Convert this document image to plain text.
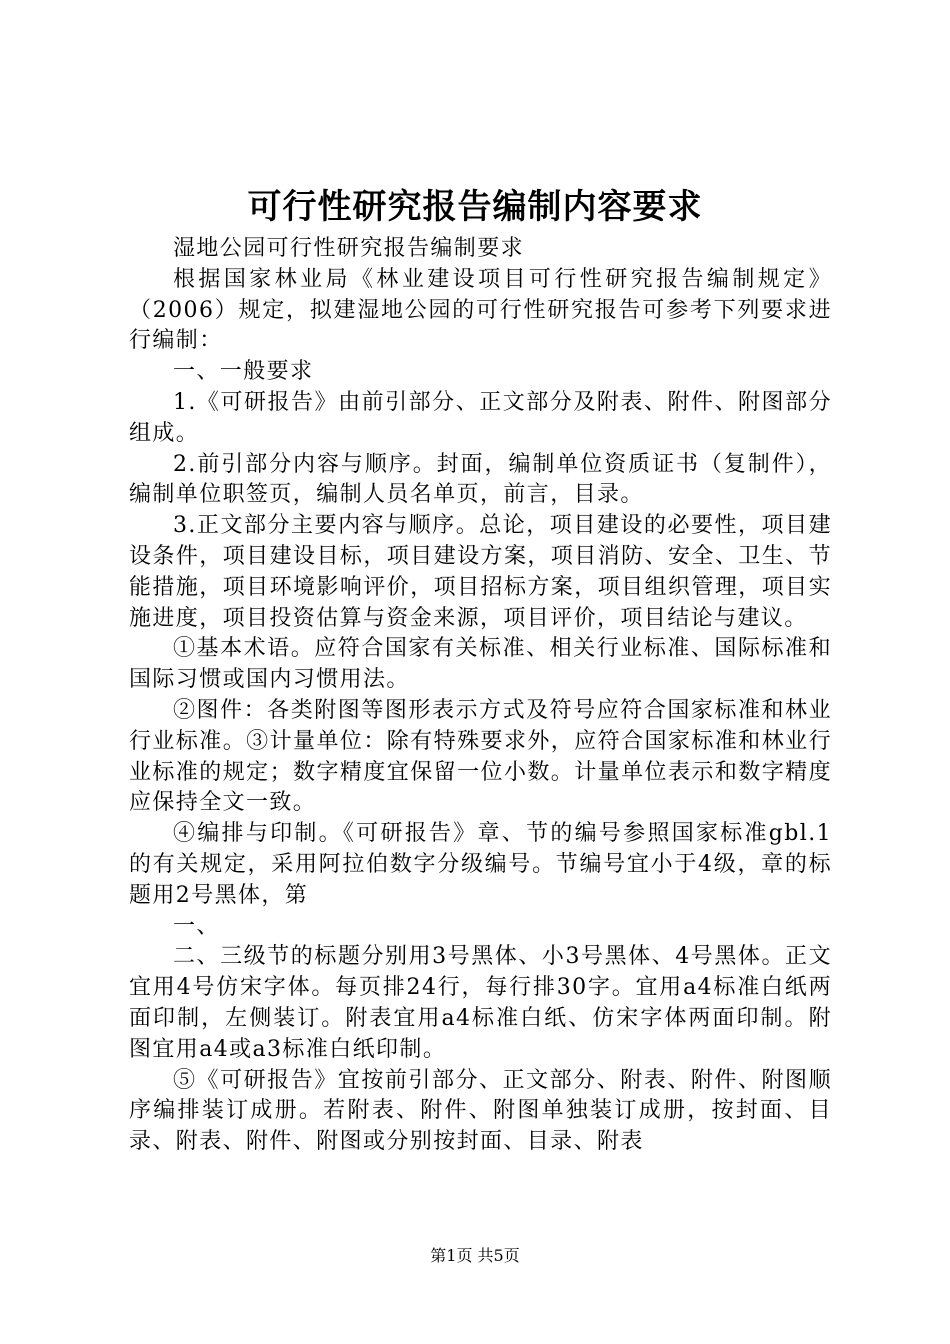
可行性研究报告编制内容要求

湿地公园可行性研究报告编制要求

根据国家林业局《林业建设项目可行性研究报告编制规定》（2006）规定，拟建湿地公园的可行性研究报告可参考下列要求进行编制：

一、一般要求

1.《可研报告》由前引部分、正文部分及附表、附件、附图部分组成。

2.前引部分内容与顺序。封面，编制单位资质证书（复制件），编制单位职签页，编制人员名单页，前言，目录。

3.正文部分主要内容与顺序。总论，项目建设的必要性，项目建设条件，项目建设目标，项目建设方案，项目消防、安全、卫生、节能措施，项目环境影响评价，项目招标方案，项目组织管理，项目实施进度，项目投资估算与资金来源，项目评价，项目结论与建议。

①基本术语。应符合国家有关标准、相关行业标准、国际标准和国际习惯或国内习惯用法。

②图件：各类附图等图形表示方式及符号应符合国家标准和林业行业标准。③计量单位：除有特殊要求外，应符合国家标准和林业行业标准的规定；数字精度宜保留一位小数。计量单位表示和数字精度应保持全文一致。

④编排与印制。《可研报告》章、节的编号参照国家标准gbl.1的有关规定，采用阿拉伯数字分级编号。节编号宜小于4级，章的标题用2号黑体，第

一、

二、三级节的标题分别用3号黑体、小3号黑体、4号黑体。正文宜用4号仿宋字体。每页排24行，每行排30字。宜用a4标准白纸两面印制，左侧装订。附表宜用a4标准白纸、仿宋字体两面印制。附图宜用a4或a3标准白纸印制。

⑤《可研报告》宜按前引部分、正文部分、附表、附件、附图顺序编排装订成册。若附表、附件、附图单独装订成册，按封面、目录、附表、附件、附图或分别按封面、目录、附表

第1页 共5页
